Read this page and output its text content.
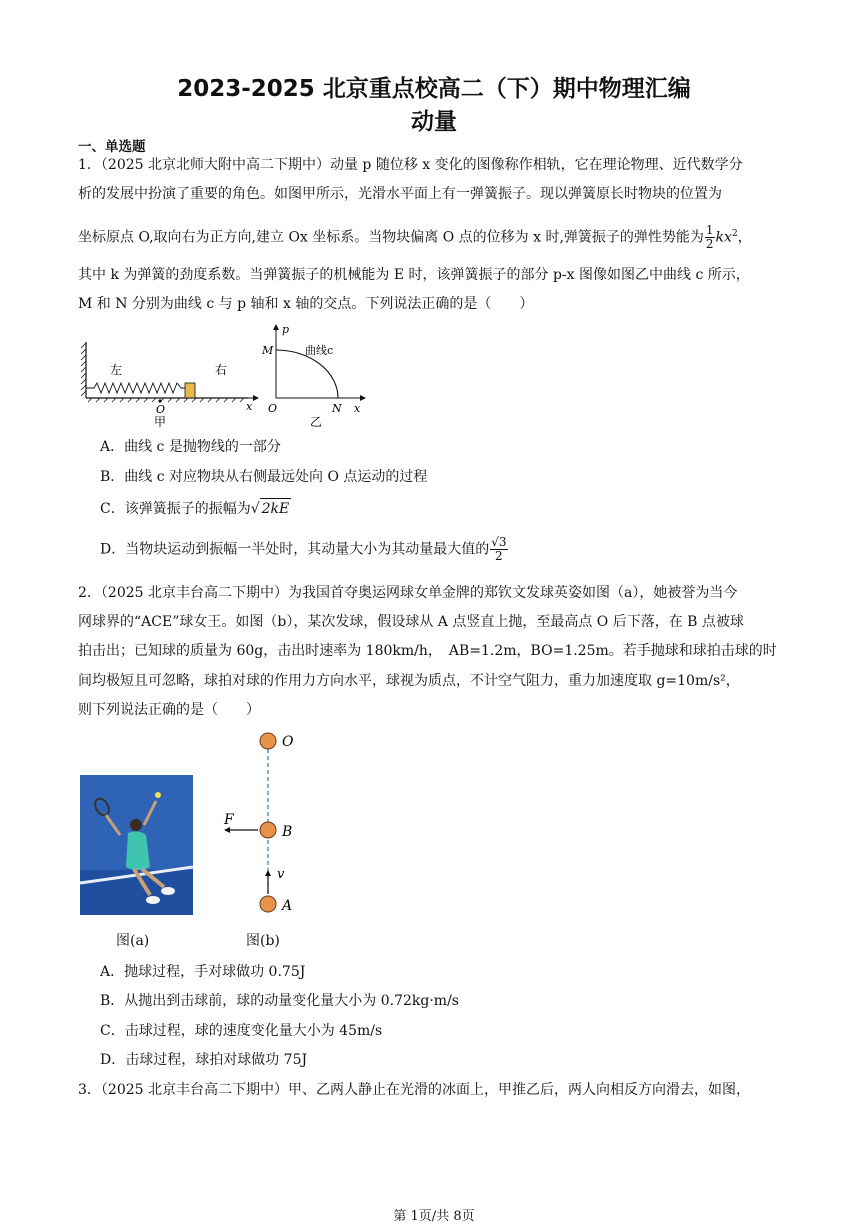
2023-2025 北京重点校高二（下）期中物理汇编
动量
一、单选题
1．（2025 北京北师大附中高二下期中）动量 p 随位移 x 变化的图像称作相轨，它在理论物理、近代数学分
析的发展中扮演了重要的角色。如图甲所示，光滑水平面上有一弹簧振子。现以弹簧原长时物块的位置为
坐标原点 O,取向右为正方向,建立 Ox 坐标系。当物块偏离 O 点的位移为 x 时,弹簧振子的弹性势能为 $\frac{1}{2} kx^2$，
其中 k 为弹簧的劲度系数。当弹簧振子的机械能为 E 时，该弹簧振子的部分 p-x 图像如图乙中曲线 c 所示，
M 和 N 分别为曲线 c 与 p 轴和 x 轴的交点。下列说法正确的是（　　）
左	右
O	x
甲
p
M	曲线c
O	N x
乙
A．曲线 c 是抛物线的一部分
B．曲线 c 对应物块从右侧最远处向 O 点运动的过程
C．该弹簧振子的振幅为√ 2kE
D．当物块运动到振幅一半处时，其动量大小为其动量最大值的 $\frac{√3}{2}$
2．（2025 北京丰台高二下期中）为我国首夺奥运网球女单金牌的郑钦文发球英姿如图（a），她被誉为当今
网球界的“ACE”球女王。如图（b），某次发球，假设球从 A 点竖直上抛，至最高点 O 后下落，在 B 点被球
拍击出；已知球的质量为 60g，击出时速率为 180km/h，　AB=1.2m，BO=1.25m。若手抛球和球拍击球的时
间均极短且可忽略，球拍对球的作用力方向水平，球视为质点，不计空气阻力，重力加速度取 g=10m/s²，
则下列说法正确的是（　　）
O
F
B
v
A
图(a)	图(b)
A．抛球过程，手对球做功 0.75J
B．从抛出到击球前，球的动量变化量大小为 0.72kg·m/s
C．击球过程，球的速度变化量大小为 45m/s
D．击球过程，球拍对球做功 75J
3．（2025 北京丰台高二下期中）甲、乙两人静止在光滑的冰面上，甲推乙后，两人向相反方向滑去，如图，
第 1页/共 8页
